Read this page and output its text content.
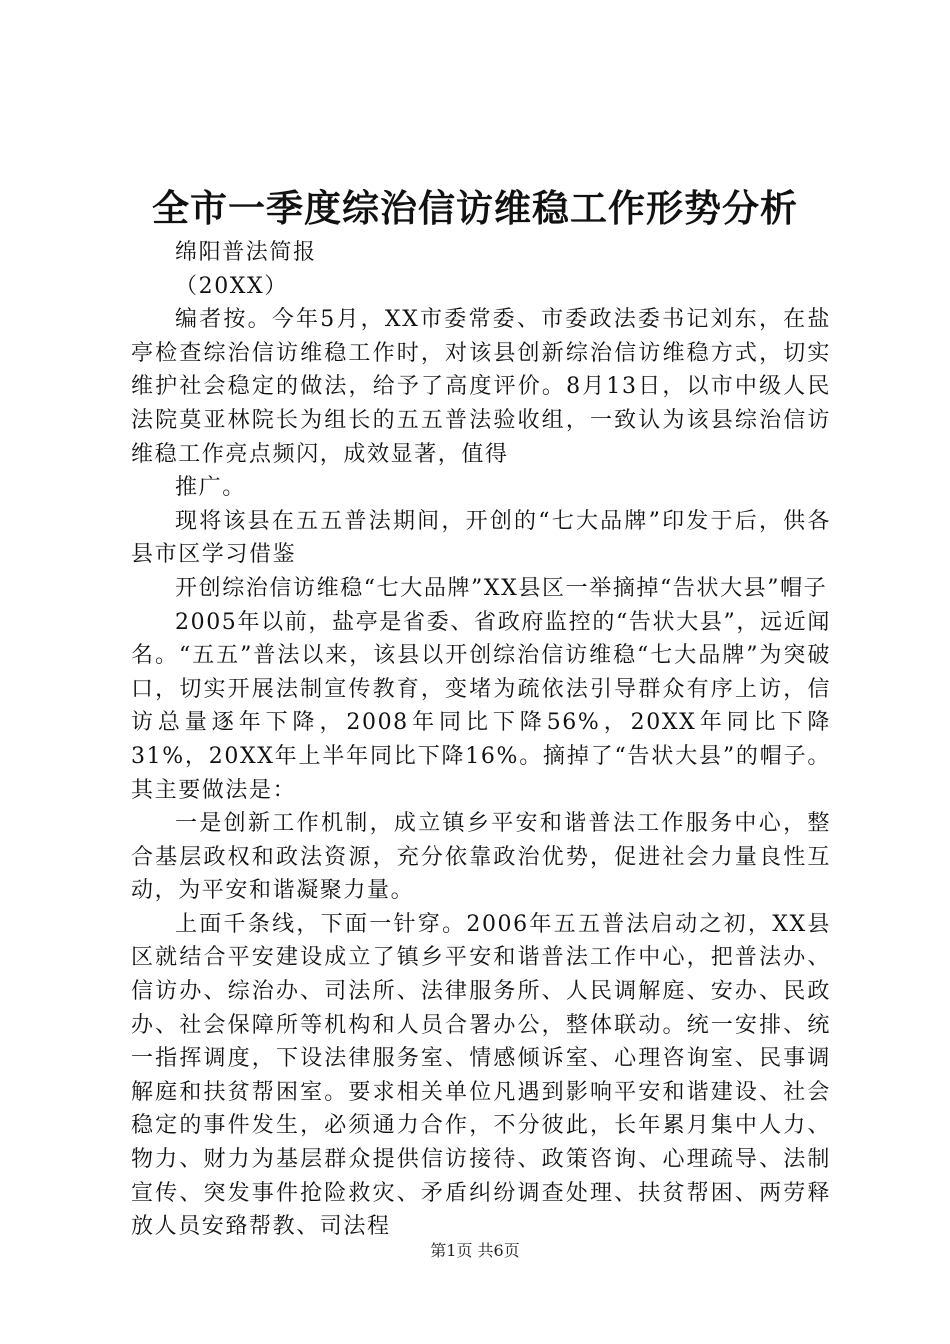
全市一季度综治信访维稳工作形势分析

绵阳普法简报

（20XX）

编者按。今年5月，XX市委常委、市委政法委书记刘东，在盐亭检查综治信访维稳工作时，对该县创新综治信访维稳方式，切实维护社会稳定的做法，给予了高度评价。8月13日，以市中级人民法院莫亚林院长为组长的五五普法验收组，一致认为该县综治信访维稳工作亮点频闪，成效显著，值得

推广。

现将该县在五五普法期间，开创的“七大品牌”印发于后，供各县市区学习借鉴

开创综治信访维稳“七大品牌”XX县区一举摘掉“告状大县”帽子

2005年以前，盐亭是省委、省政府监控的“告状大县”，远近闻名。“五五”普法以来，该县以开创综治信访维稳“七大品牌”为突破口，切实开展法制宣传教育，变堵为疏依法引导群众有序上访，信访总量逐年下降，2008年同比下降56%，20XX年同比下降31%，20XX年上半年同比下降16%。摘掉了“告状大县”的帽子。其主要做法是：

一是创新工作机制，成立镇乡平安和谐普法工作服务中心，整合基层政权和政法资源，充分依靠政治优势，促进社会力量良性互动，为平安和谐凝聚力量。

上面千条线，下面一针穿。2006年五五普法启动之初，XX县区就结合平安建设成立了镇乡平安和谐普法工作中心，把普法办、信访办、综治办、司法所、法律服务所、人民调解庭、安办、民政办、社会保障所等机构和人员合署办公，整体联动。统一安排、统一指挥调度，下设法律服务室、情感倾诉室、心理咨询室、民事调解庭和扶贫帮困室。要求相关单位凡遇到影响平安和谐建设、社会稳定的事件发生，必须通力合作，不分彼此，长年累月集中人力、物力、财力为基层群众提供信访接待、政策咨询、心理疏导、法制宣传、突发事件抢险救灾、矛盾纠纷调查处理、扶贫帮困、两劳释放人员安臵帮教、司法程

第1页 共6页
